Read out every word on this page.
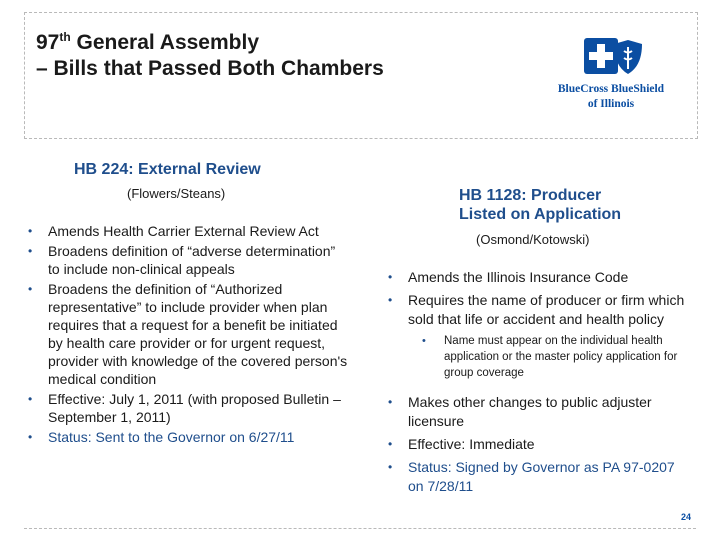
97th General Assembly
– Bills that Passed Both Chambers
BlueCross BlueShield
of Illinois
HB 224: External Review
(Flowers/Steans)
• Amends Health Carrier External Review Act
• Broadens definition of “adverse determination” to include non-clinical appeals
• Broadens the definition of “Authorized representative” to include provider when plan requires that a request for a benefit be initiated by health care provider or for urgent request, provider with knowledge of the covered person's medical condition
• Effective: July 1, 2011 (with proposed Bulletin – September 1, 2011)
• Status: Sent to the Governor on 6/27/11
HB 1128: Producer
Listed on Application
(Osmond/Kotowski)
• Amends the Illinois Insurance Code
• Requires the name of producer or firm which sold that life or accident and health policy
• Name must appear on the individual health application or the master policy application for group coverage
• Makes other changes to public adjuster licensure
• Effective: Immediate
• Status: Signed by Governor as PA 97-0207 on 7/28/11
24
